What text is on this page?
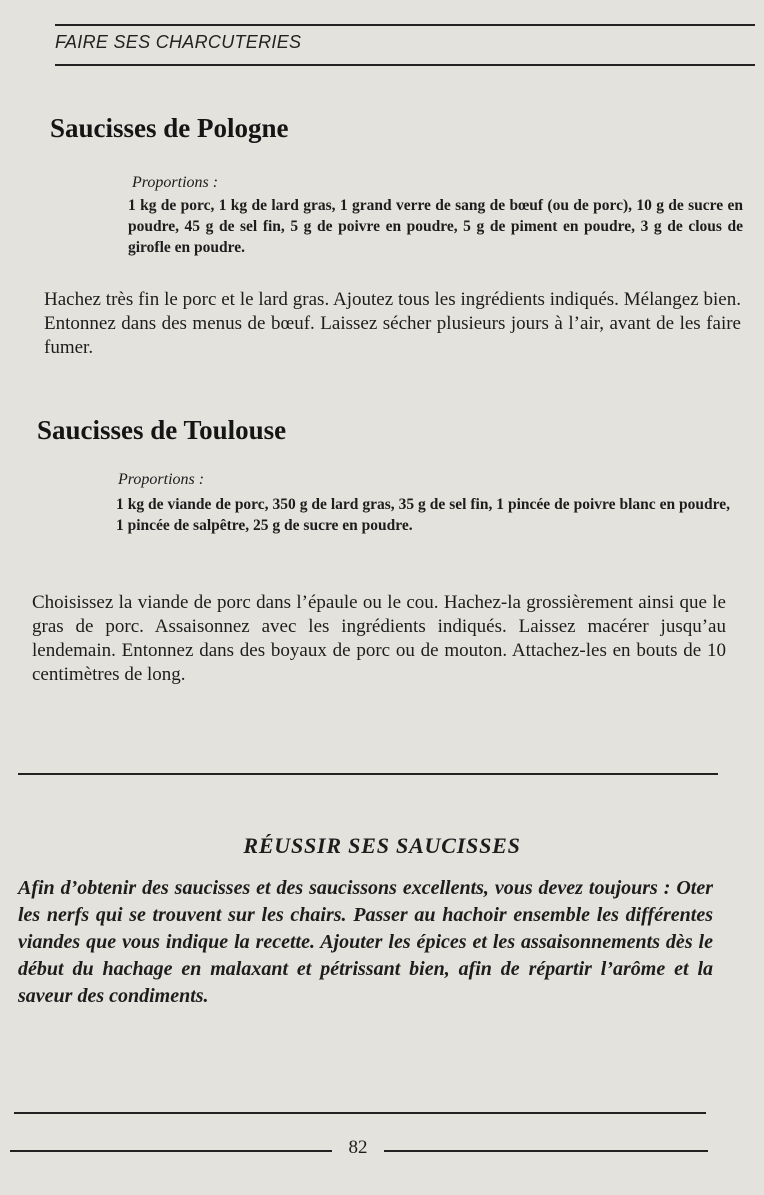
FAIRE SES CHARCUTERIES
Saucisses de Pologne
Proportions :
1 kg de porc, 1 kg de lard gras, 1 grand verre de sang de bœuf (ou de porc), 10 g de sucre en poudre, 45 g de sel fin, 5 g de poivre en poudre, 5 g de piment en poudre, 3 g de clous de girofle en poudre.
Hachez très fin le porc et le lard gras. Ajoutez tous les ingrédients indiqués. Mélangez bien. Entonnez dans des menus de bœuf. Laissez sécher plusieurs jours à l’air, avant de les faire fumer.
Saucisses de Toulouse
Proportions :
1 kg de viande de porc, 350 g de lard gras, 35 g de sel fin, 1 pincée de poivre blanc en poudre, 1 pincée de salpêtre, 25 g de sucre en poudre.
Choisissez la viande de porc dans l’épaule ou le cou. Hachez-la grossièrement ainsi que le gras de porc. Assaisonnez avec les ingrédients indiqués. Laissez macérer jusqu’au lendemain. Entonnez dans des boyaux de porc ou de mouton. Attachez-les en bouts de 10 centimètres de long.
RÉUSSIR SES SAUCISSES
Afin d’obtenir des saucisses et des saucissons excellents, vous devez toujours : Oter les nerfs qui se trouvent sur les chairs. Passer au hachoir ensemble les différentes viandes que vous indique la recette. Ajouter les épices et les assaisonnements dès le début du hachage en malaxant et pétrissant bien, afin de répartir l’arôme et la saveur des condiments.
82
